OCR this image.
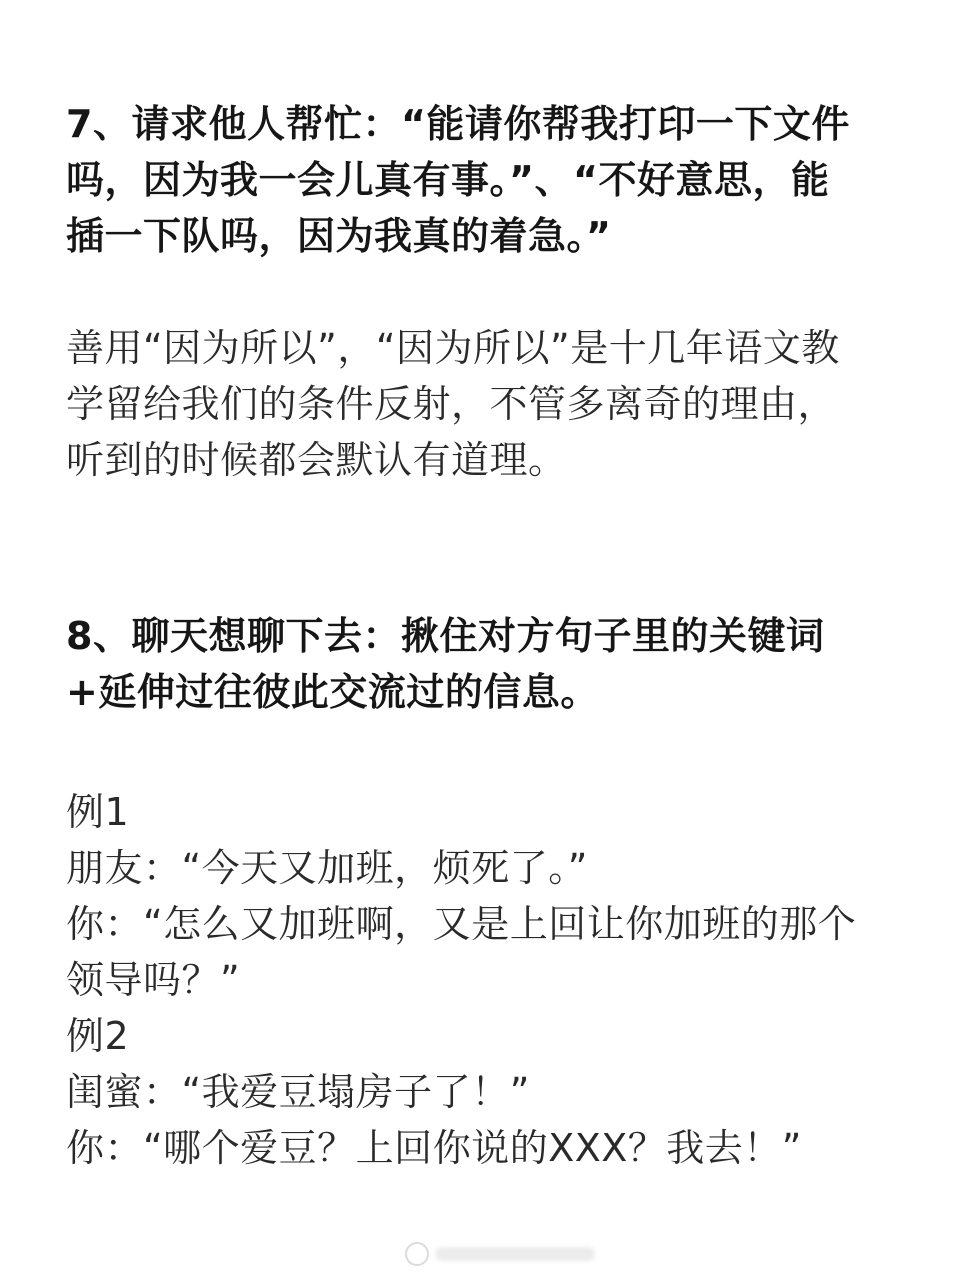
7、请求他人帮忙：“能请你帮我打印一下文件
吗，因为我一会儿真有事。”、“不好意思，能
插一下队吗，因为我真的着急。”
善用“因为所以”，“因为所以”是十几年语文教
学留给我们的条件反射，不管多离奇的理由，
听到的时候都会默认有道理。
8、聊天想聊下去：揪住对方句子里的关键词
+延伸过往彼此交流过的信息。
例1
朋友：“今天又加班，烦死了。”
你：“怎么又加班啊，又是上回让你加班的那个
领导吗？”
例2
闺蜜：“我爱豆塌房子了！”
你：“哪个爱豆？上回你说的XXX？我去！”
